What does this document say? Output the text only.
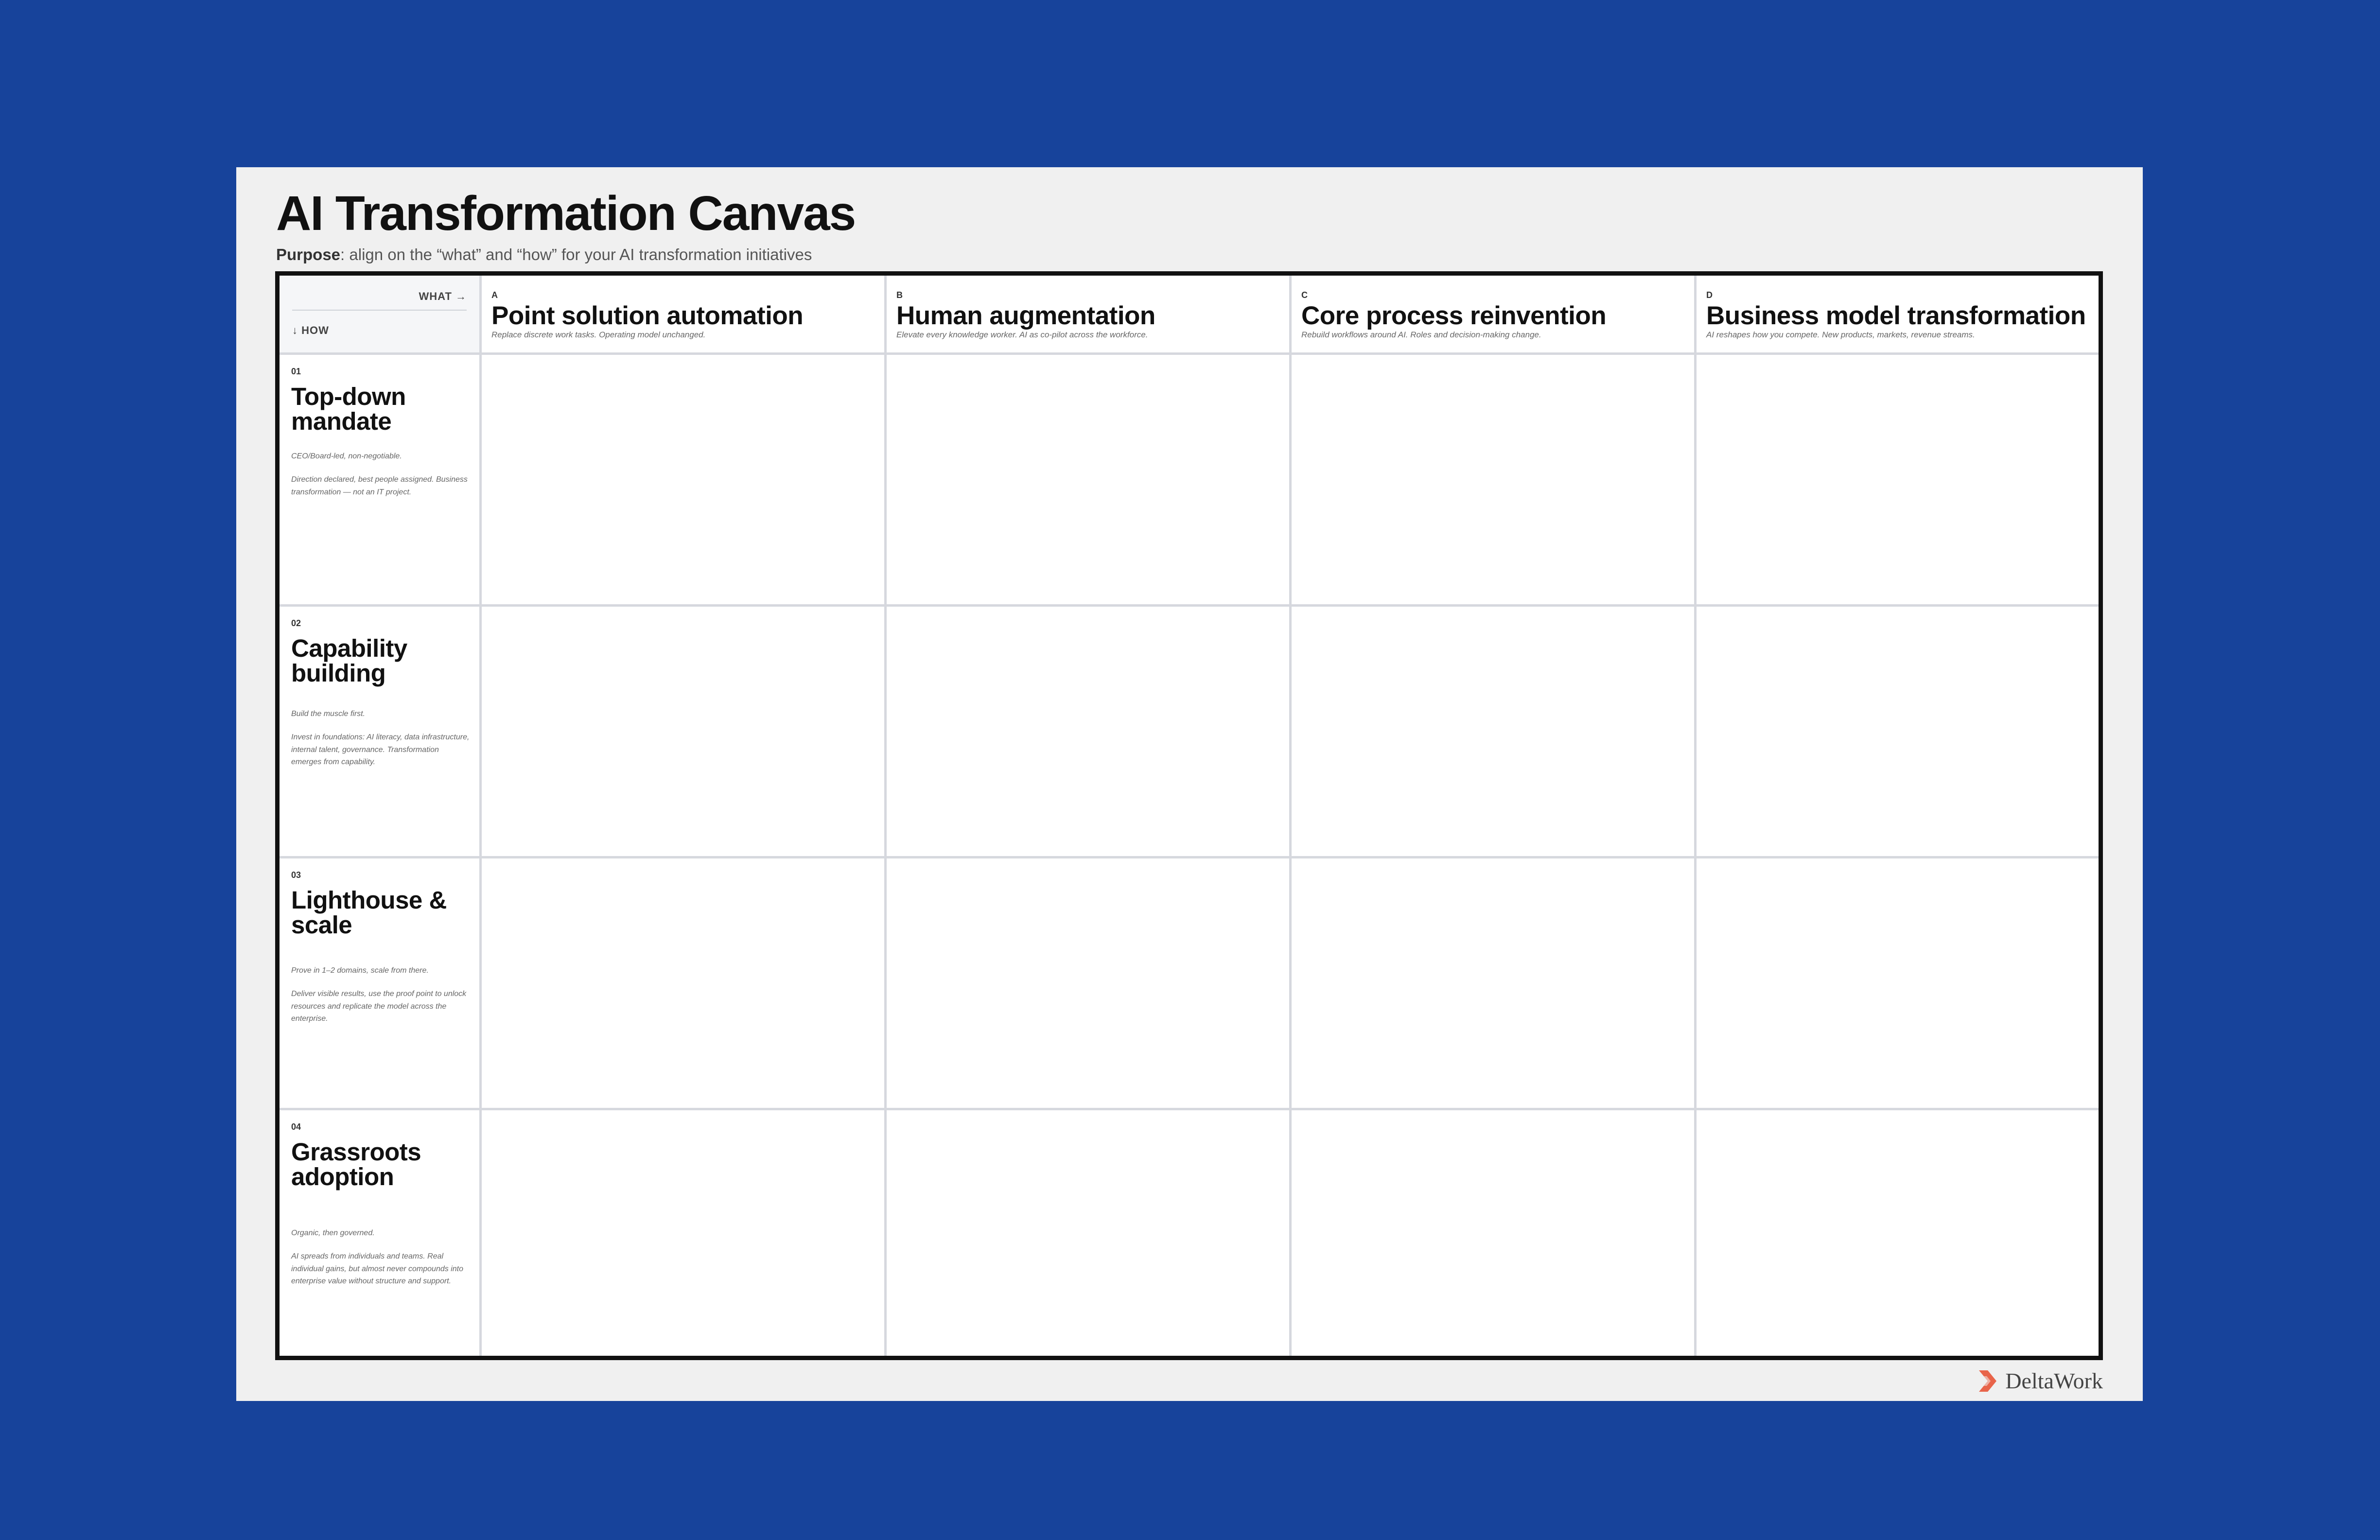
AI Transformation Canvas
Purpose: align on the “what” and “how” for your AI transformation initiatives
WHAT →
↓ HOW
A
Point solution automation
Replace discrete work tasks. Operating model unchanged.
B
Human augmentation
Elevate every knowledge worker. AI as co-pilot across the workforce.
C
Core process reinvention
Rebuild workflows around AI. Roles and decision-making change.
D
Business model transformation
AI reshapes how you compete. New products, markets, revenue streams.
01
Top-down mandate
CEO/Board-led, non-negotiable.
Direction declared, best people assigned. Business transformation — not an IT project.
02
Capability building
Build the muscle first.
Invest in foundations: AI literacy, data infrastructure, internal talent, governance. Transformation emerges from capability.
03
Lighthouse & scale
Prove in 1–2 domains, scale from there.
Deliver visible results, use the proof point to unlock resources and replicate the model across the enterprise.
04
Grassroots adoption
Organic, then governed.
AI spreads from individuals and teams. Real individual gains, but almost never compounds into enterprise value without structure and support.
DeltaWork
